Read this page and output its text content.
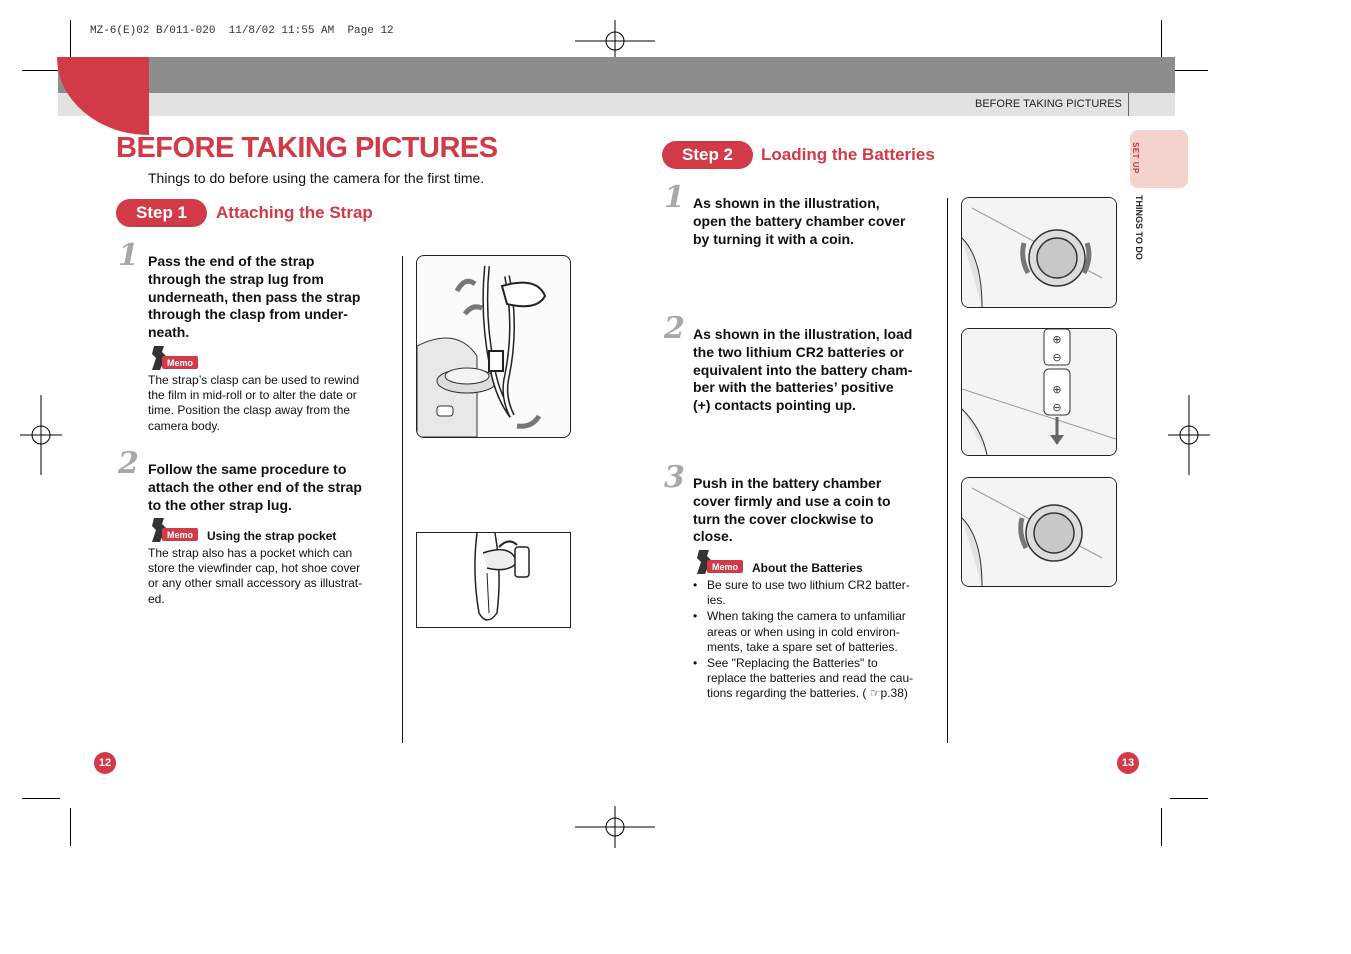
MZ-6(E)02 B/011-020  11/8/02 11:55 AM  Page 12
BEFORE TAKING PICTURES
SET UP
THINGS TO DO
BEFORE TAKING PICTURES
Things to do before using the camera for the first time.
Step 1 Attaching the Strap
1 Pass the end of the strap
through the strap lug from
underneath, then pass the strap
through the clasp from under-
neath.
Memo
The strap’s clasp can be used to rewind
the film in mid-roll or to alter the date or
time. Position the clasp away from the
camera body.
2 Follow the same procedure to
attach the other end of the strap
to the other strap lug.
Memo Using the strap pocket
The strap also has a pocket which can
store the viewfinder cap, hot shoe cover
or any other small accessory as illustrat-
ed.
Step 2 Loading the Batteries
1 As shown in the illustration,
open the battery chamber cover
by turning it with a coin.
2 As shown in the illustration, load
the two lithium CR2 batteries or
equivalent into the battery cham-
ber with the batteries’ positive
(+) contacts pointing up.
3 Push in the battery chamber
cover firmly and use a coin to
turn the cover clockwise to
close.
Memo About the Batteries
• Be sure to use two lithium CR2 batter-
ies.
• When taking the camera to unfamiliar
areas or when using in cold environ-
ments, take a spare set of batteries.
• See "Replacing the Batteries" to
replace the batteries and read the cau-
tions regarding the batteries. ( ☞p.38)
⊕
⊖
⊕
⊖
12	13
